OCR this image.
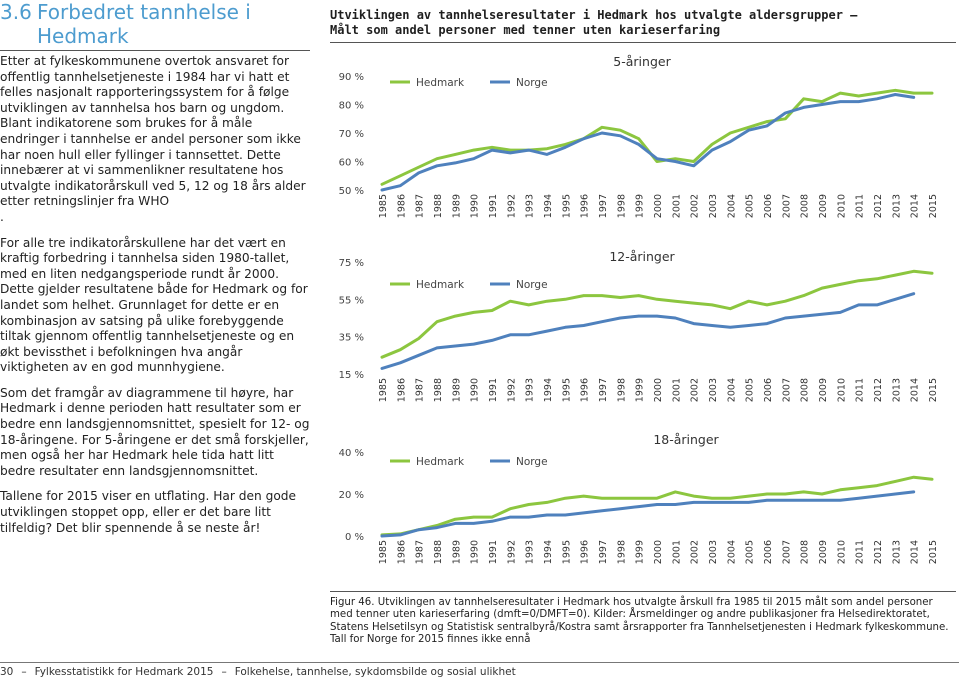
3.6 Forbedret tannhelse i
Hedmark

Etter at fylkeskommunene overtok ansvaret for offentlig tannhelsetjeneste i 1984 har vi hatt et felles nasjonalt rapporteringssystem for å følge utviklingen av tannhelsa hos barn og ungdom. Blant indikatorene som brukes for å måle endringer i tannhelse er andel personer som ikke har noen hull eller fyllinger i tannsettet. Dette innebærer at vi sammenlikner resultatene hos utvalgte indikatorårskull ved 5, 12 og 18 års alder etter retningslinjer fra WHO

.

For alle tre indikatorårskullene har det vært en kraftig forbedring i tannhelsa siden 1980-tallet, med en liten nedgangsperiode rundt år 2000. Dette gjelder resultatene både for Hedmark og for landet som helhet. Grunnlaget for dette er en kombinasjon av satsing på ulike forebyggende tiltak gjennom offentlig tannhelsetjeneste og en økt bevissthet i befolkningen hva angår viktigheten av en god munnhygiene.

Som det framgår av diagrammene til høyre, har Hedmark i denne perioden hatt resultater som er bedre enn landsgjennomsnittet, spesielt for 12- og 18-åringene. For 5-åringene er det små forskjeller, men også her har Hedmark hele tida hatt litt bedre resultater enn landsgjennomsnittet.

Tallene for 2015 viser en utflating. Har den gode utviklingen stoppet opp, eller er det bare litt tilfeldig? Det blir spennende å se neste år!

Utviklingen av tannhelseresultater i Hedmark hos utvalgte aldersgrupper –
Målt som andel personer med tenner uten karieserfaring
50 %
60 %
70 %
80 %
90 %
1985 1986 1987 1988 1989 1990 1991 1992 1993 1994 1995 1996 1997 1998 1999 2000 2001 2002 2003 2004 2005 2006 2007 2008 2009 2010 2011 2012 2013 2014 2015
5-åringer
Hedmark	Norge
15 %
35 %
55 %
75 %
1985 1986 1987 1988 1989 1990 1991 1992 1993 1994 1995 1996 1997 1998 1999 2000 2001 2002 2003 2004 2005 2006 2007 2008 2009 2010 2011 2012 2013 2014 2015
12-åringer
Hedmark	Norge
0 %
20 %
40 %
1985 1986 1987 1988 1989 1990 1991 1992 1993 1994 1995 1996 1997 1998 1999 2000 2001 2002 2003 2004 2005 2006 2007 2008 2009 2010 2011 2012 2013 2014 2015
18-åringer
Hedmark	Norge
Figur 46. Utviklingen av tannhelseresultater i Hedmark hos utvalgte årskull fra 1985 til 2015 målt som andel personer med tenner uten karieserfaring (dmft=0/DMFT=0). Kilder: Årsmeldinger og andre publikasjoner fra Helsedirektoratet, Statens Helsetilsyn og Statistisk sentralbyrå/Kostra samt årsrapporter fra Tannhelsetjenesten i Hedmark fylkeskommune. Tall for Norge for 2015 finnes ikke ennå
30 – Fylkesstatistikk for Hedmark 2015 – Folkehelse, tannhelse, sykdomsbilde og sosial ulikhet
